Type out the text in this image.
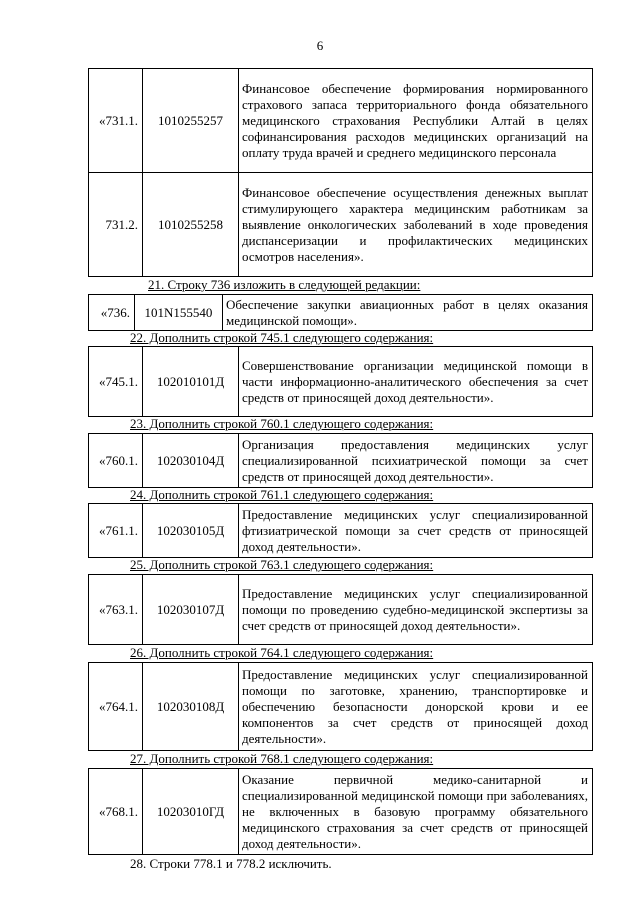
6
«731.1.	1010255257	Финансовое обеспечение формирования нормированного страхового запаса территориального фонда обязательного медицинского страхования Республики Алтай в целях софинансирования расходов медицинских организаций на оплату труда врачей и среднего медицинского персонала
731.2.	1010255258	Финансовое обеспечение осуществления денежных выплат стимулирующего характера медицинским работникам за выявление онкологических заболеваний в ходе проведения диспансеризации и профилактических медицинских осмотров населения».
21. Строку 736 изложить в следующей редакции:
«736.	101N155540	Обеспечение закупки авиационных работ в целях оказания медицинской помощи».
22. Дополнить строкой 745.1 следующего содержания:
«745.1.	102010101Д	Совершенствование организации медицинской помощи в части информационно-аналитического обеспечения за счет средств от приносящей доход деятельности».
23. Дополнить строкой 760.1 следующего содержания:
«760.1.	102030104Д	Организация предоставления медицинских услуг специализированной психиатрической помощи за счет средств от приносящей доход деятельности».
24. Дополнить строкой 761.1 следующего содержания:
«761.1.	102030105Д	Предоставление медицинских услуг специализированной фтизиатрической помощи за счет средств от приносящей доход деятельности».
25. Дополнить строкой 763.1 следующего содержания:
«763.1.	102030107Д	Предоставление медицинских услуг специализированной помощи по проведению судебно-медицинской экспертизы за счет средств от приносящей доход деятельности».
26. Дополнить строкой 764.1 следующего содержания:
«764.1.	102030108Д	Предоставление медицинских услуг специализированной помощи по заготовке, хранению, транспортировке и обеспечению безопасности донорской крови и ее компонентов за счет средств от приносящей доход деятельности».
27. Дополнить строкой 768.1 следующего содержания:
«768.1.	10203010ГД	Оказание первичной медико-санитарной и специализированной медицинской помощи при заболеваниях, не включенных в базовую программу обязательного медицинского страхования за счет средств от приносящей доход деятельности».
28. Строки 778.1 и 778.2 исключить.
